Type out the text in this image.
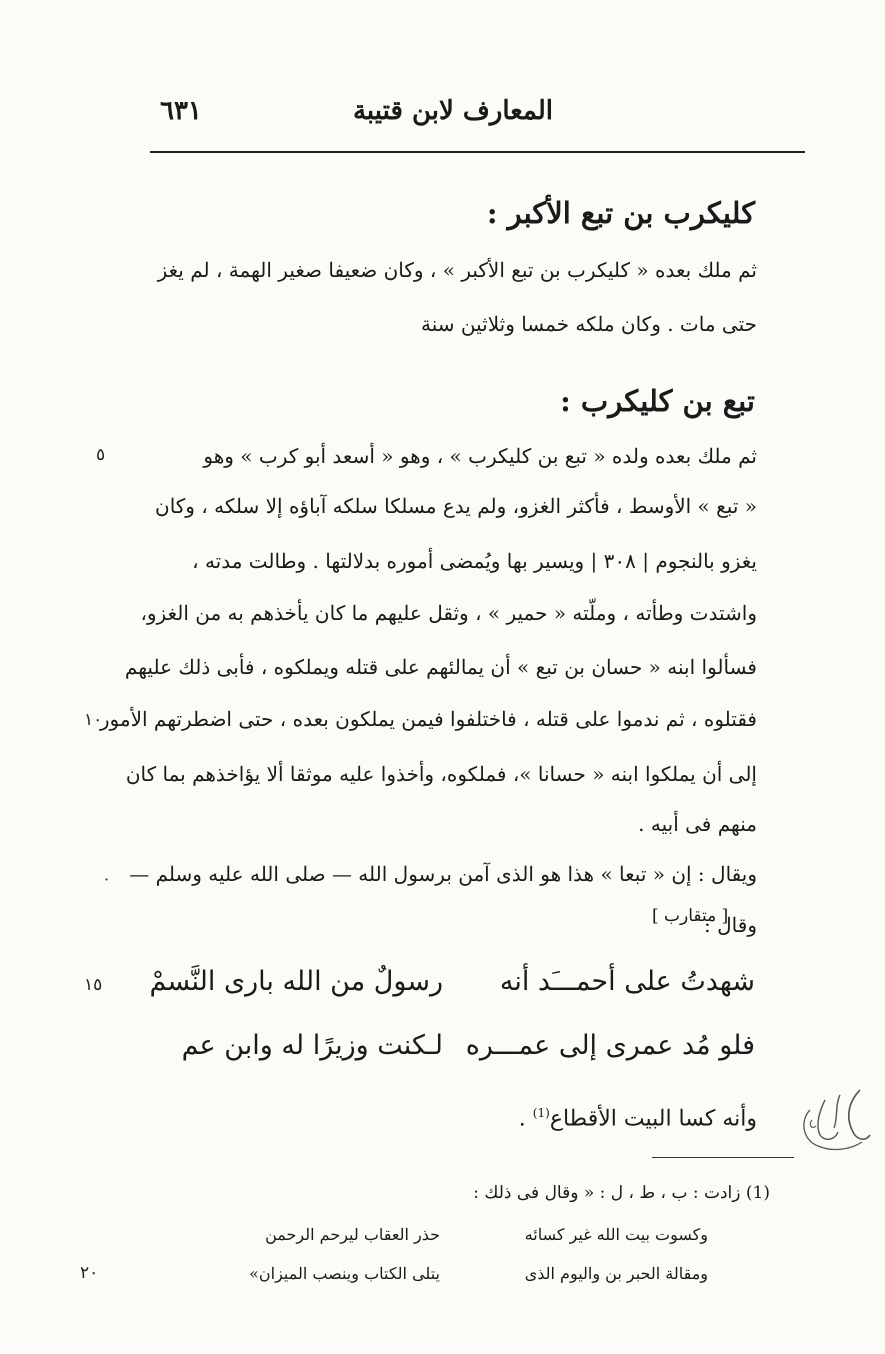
المعارف لابن قتيبة
٦٣١
كليكرب بن تبع الأكبر :
ثم ملك بعده « كليكرب بن تبع الأكبر » ، وكان ضعيفا صغير الهمة ، لم يغز
حتى مات . وكان ملكه خمسا وثلاثين سنة
تبع بن كليكرب :
ثم ملك بعده ولده « تبع بن كليكرب » ، وهو « أسعد أبو كرب » وهو
« تبع » الأوسط ، فأكثر الغزو، ولم يدع مسلكا سلكه آباؤه إلا سلكه ، وكان
يغزو بالنجوم | ٣٠٨ | ويسير بها ويُمضى أموره بدلالتها . وطالت مدته ،
واشتدت وطأته ، وملّته « حمير » ، وثقل عليهم ما كان يأخذهم به من الغزو،
فسألوا ابنه « حسان بن تبع » أن يمالئهم على قتله ويملكوه ، فأبى ذلك عليهم
فقتلوه ، ثم ندموا على قتله ، فاختلفوا فيمن يملكون بعده ، حتى اضطرتهم الأمور
إلى أن يملكوا ابنه « حسانا »، فملكوه، وأخذوا عليه موثقا ألا يؤاخذهم بما كان
منهم فى أبيه .
ويقال : إن « تبعا » هذا هو الذى آمن برسول الله — صلى الله عليه وسلم —
وقال :
[ متقارب ]
شهدتُ على أحمـــَد أنه
رسولٌ من الله بارى النَّسمْ
فلو مُد عمرى إلى عمـــره
لـكنت وزيرًا له وابن عم
وأنه كسا البيت الأقطاع$^{(1)}$ .
٥
١٠
١٥
٢٠
(1) زادت : ب ، ط ، ل : « وقال فى ذلك :
وكسوت بيت الله غير كسائه
حذر العقاب ليرحم الرحمن
ومقالة الحبر بن واليوم الذى
يتلى الكتاب وينصب الميزان»
·
